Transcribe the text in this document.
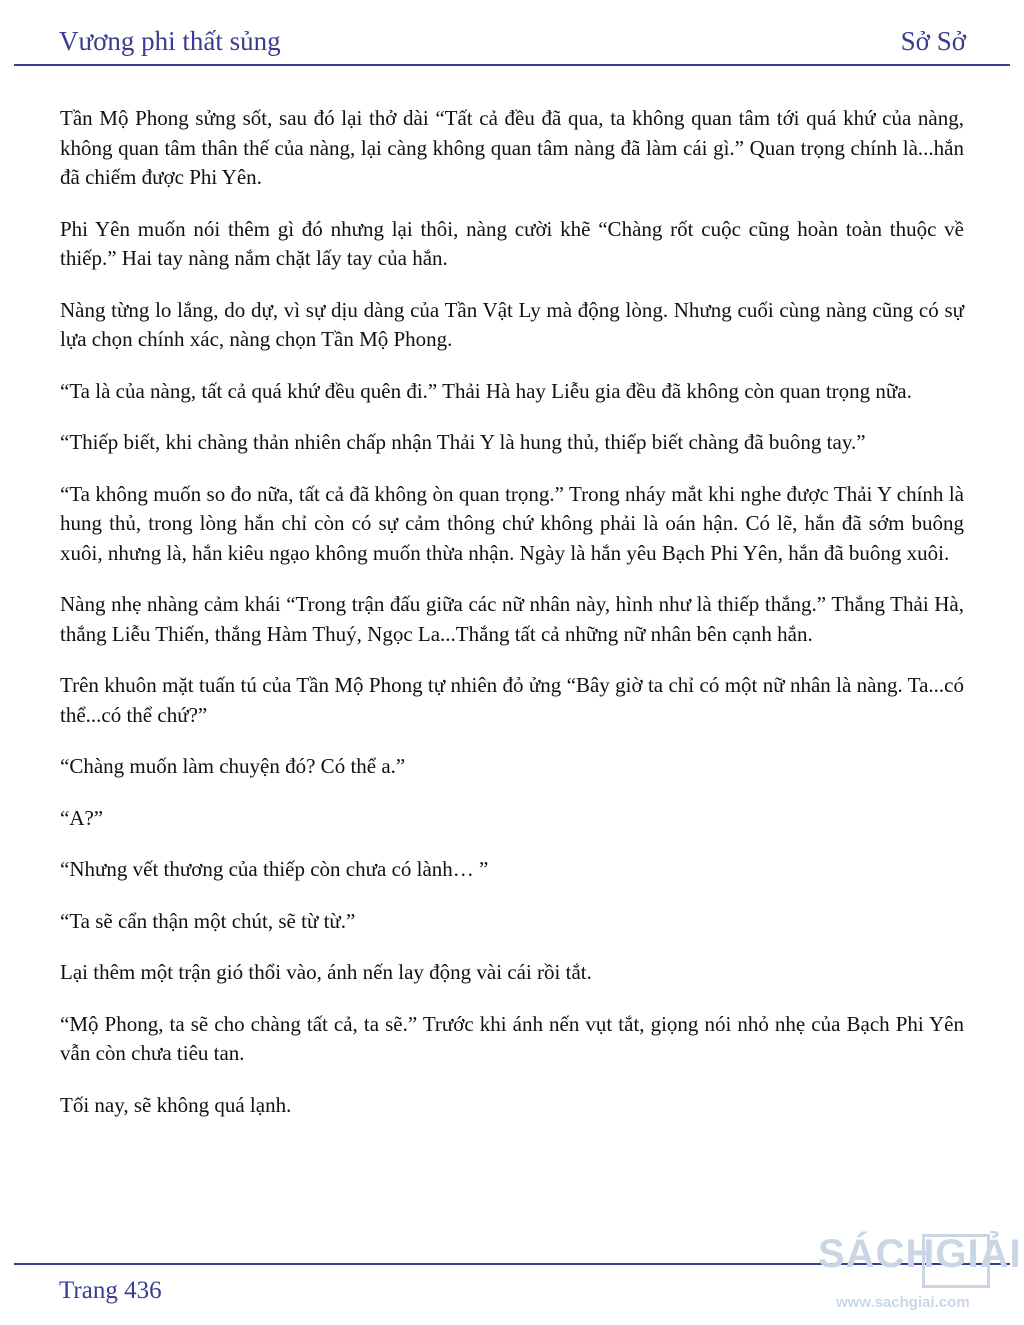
Vương phi thất sủng	Sở Sở

Tần Mộ Phong sửng sốt, sau đó lại thở dài “Tất cả đều đã qua, ta không quan tâm tới quá khứ của nàng, không quan tâm thân thế của nàng, lại càng không quan tâm nàng đã làm cái gì.” Quan trọng chính là...hắn đã chiếm được Phi Yên.

Phi Yên muốn nói thêm gì đó nhưng lại thôi, nàng cười khẽ “Chàng rốt cuộc cũng hoàn toàn thuộc về thiếp.” Hai tay nàng nắm chặt lấy tay của hắn.

Nàng từng lo lắng, do dự, vì sự dịu dàng của Tần Vật Ly mà động lòng. Nhưng cuối cùng nàng cũng có sự lựa chọn chính xác, nàng chọn Tần Mộ Phong.

“Ta là của nàng, tất cả quá khứ đều quên đi.” Thải Hà hay Liễu gia đều đã không còn quan trọng nữa.

“Thiếp biết, khi chàng thản nhiên chấp nhận Thải Y là hung thủ, thiếp biết chàng đã buông tay.”

“Ta không muốn so đo nữa, tất cả đã không òn quan trọng.” Trong nháy mắt khi nghe được Thải Y chính là hung thủ, trong lòng hắn chỉ còn có sự cảm thông chứ không phải là oán hận. Có lẽ, hắn đã sớm buông xuôi, nhưng là, hắn kiêu ngạo không muốn thừa nhận. Ngày là hắn yêu Bạch Phi Yên, hắn đã buông xuôi.

Nàng nhẹ nhàng cảm khái “Trong trận đấu giữa các nữ nhân này, hình như là thiếp thắng.” Thắng Thải Hà, thắng Liễu Thiến, thắng Hàm Thuý, Ngọc La...Thắng tất cả những nữ nhân bên cạnh hắn.

Trên khuôn mặt tuấn tú của Tần Mộ Phong tự nhiên đỏ ửng “Bây giờ ta chỉ có một nữ nhân là nàng. Ta...có thể...có thể chứ?”

“Chàng muốn làm chuyện đó? Có thể a.”

“A?”

“Nhưng vết thương của thiếp còn chưa có lành… ”

“Ta sẽ cẩn thận một chút, sẽ từ từ.”

Lại thêm một trận gió thổi vào, ánh nến lay động vài cái rồi tắt.

“Mộ Phong, ta sẽ cho chàng tất cả, ta sẽ.” Trước khi ánh nến vụt tắt, giọng nói nhỏ nhẹ của Bạch Phi Yên vẫn còn chưa tiêu tan.

Tối nay, sẽ không quá lạnh.

Trang 436
SÁCHGIẢI
www.sachgiai.com
